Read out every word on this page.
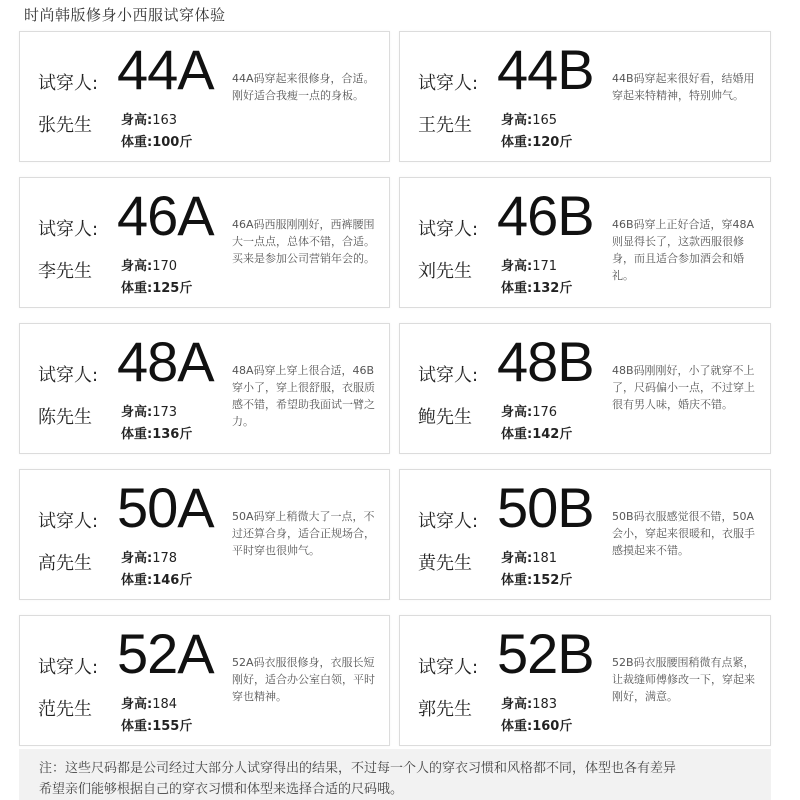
时尚韩版修身小西服试穿体验
试穿人:
张先生
44A
身高:163
体重:100斤
44A码穿起来很修身，合适。刚好适合我瘦一点的身板。
试穿人:
王先生
44B
身高:165
体重:120斤
44B码穿起来很好看，结婚用穿起来特精神，特别帅气。
试穿人:
李先生
46A
身高:170
体重:125斤
46A码西服刚刚好，西裤腰围大一点点，总体不错，合适。买来是参加公司营销年会的。
试穿人:
刘先生
46B
身高:171
体重:132斤
46B码穿上正好合适，穿48A则显得长了，这款西服很修身，而且适合参加酒会和婚礼。
试穿人:
陈先生
48A
身高:173
体重:136斤
48A码穿上穿上很合适，46B穿小了，穿上很舒服，衣服质感不错，希望助我面试一臂之力。
试穿人:
鲍先生
48B
身高:176
体重:142斤
48B码刚刚好，小了就穿不上了，尺码偏小一点，不过穿上很有男人味，婚庆不错。
试穿人:
高先生
50A
身高:178
体重:146斤
50A码穿上稍微大了一点，不过还算合身，适合正规场合，平时穿也很帅气。
试穿人:
黄先生
50B
身高:181
体重:152斤
50B码衣服感觉很不错，50A会小，穿起来很暖和，衣服手感摸起来不错。
试穿人:
范先生
52A
身高:184
体重:155斤
52A码衣服很修身，衣服长短刚好，适合办公室白领，平时穿也精神。
试穿人:
郭先生
52B
身高:183
体重:160斤
52B码衣服腰围稍微有点紧，让裁缝师傅修改一下，穿起来刚好，满意。
注：这些尺码都是公司经过大部分人试穿得出的结果，不过每一个人的穿衣习惯和风格都不同，体型也各有差异
希望亲们能够根据自己的穿衣习惯和体型来选择合适的尺码哦。
